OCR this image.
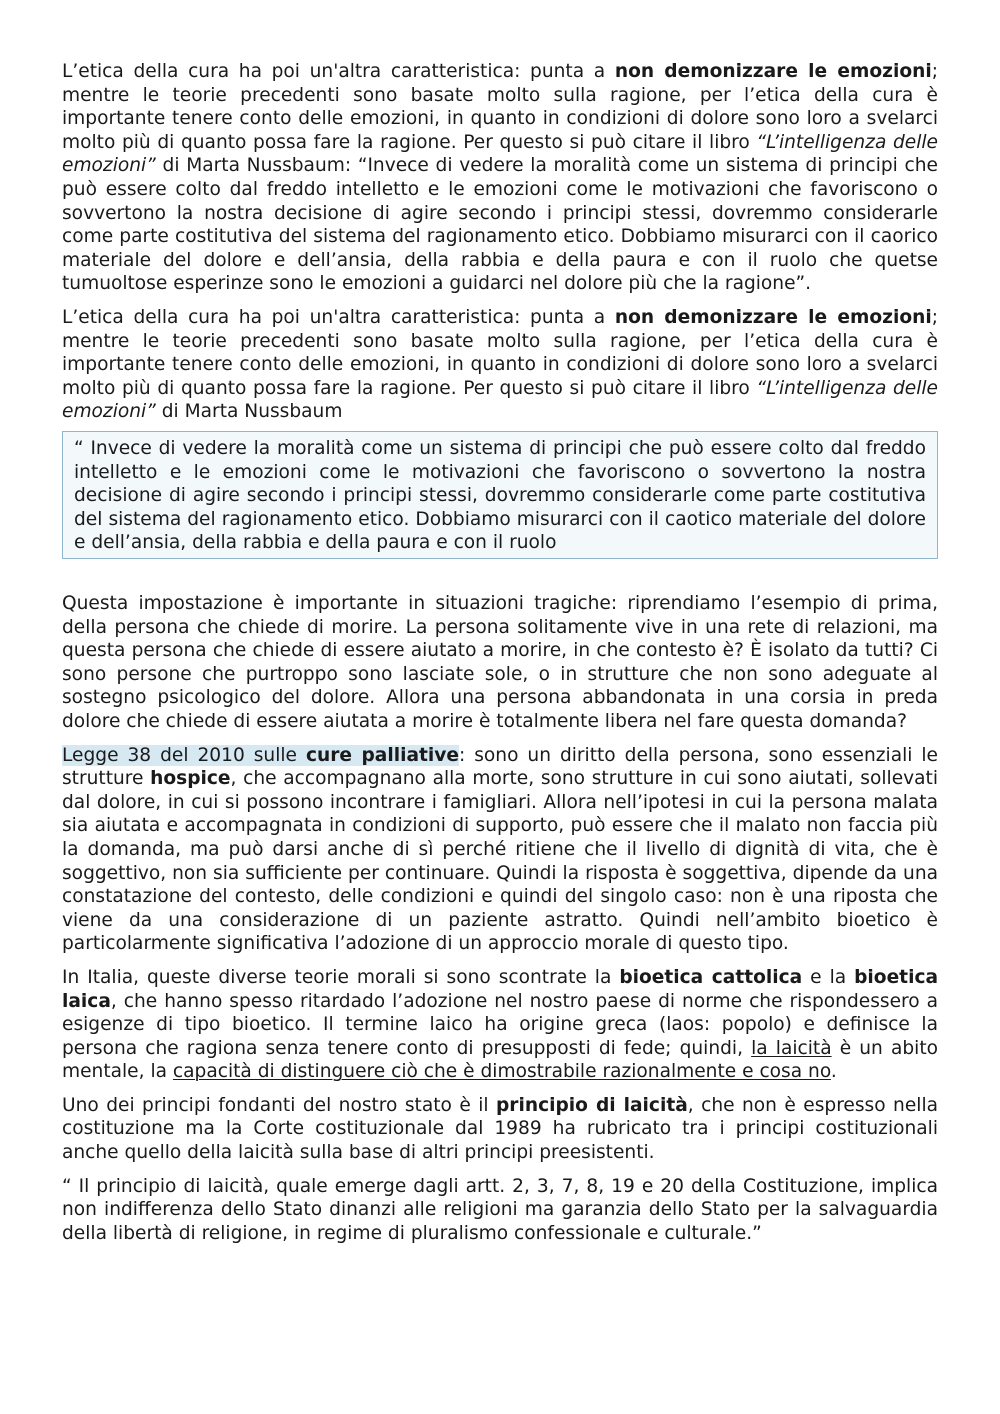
L’etica della cura ha poi un'altra caratteristica: punta a non demonizzare le emozioni; mentre le teorie precedenti sono basate molto sulla ragione, per l’etica della cura è importante tenere conto delle emozioni, in quanto in condizioni di dolore sono loro a svelarci molto più di quanto possa fare la ragione. Per questo si può citare il libro “L’intelligenza delle emozioni” di Marta Nussbaum: “Invece di vedere la moralità come un sistema di principi che può essere colto dal freddo intelletto e le emozioni come le motivazioni che favoriscono o sovvertono la nostra decisione di agire secondo i principi stessi, dovremmo considerarle come parte costitutiva del sistema del ragionamento etico. Dobbiamo misurarci con il caorico materiale del dolore e dell’ansia, della rabbia e della paura e con il ruolo che quetse tumuoltose esperinze sono le emozioni a guidarci nel dolore più che la ragione”.

L’etica della cura ha poi un'altra caratteristica: punta a non demonizzare le emozioni; mentre le teorie precedenti sono basate molto sulla ragione, per l’etica della cura è importante tenere conto delle emozioni, in quanto in condizioni di dolore sono loro a svelarci molto più di quanto possa fare la ragione. Per questo si può citare il libro “L’intelligenza delle emozioni” di Marta Nussbaum

“ Invece di vedere la moralità come un sistema di principi che può essere colto dal freddo intelletto e le emozioni come le motivazioni che favoriscono o sovvertono la nostra decisione di agire secondo i principi stessi, dovremmo considerarle come parte costitutiva del sistema del ragionamento etico. Dobbiamo misurarci con il caotico materiale del dolore e dell’ansia, della rabbia e della paura e con il ruolo

Questa impostazione è importante in situazioni tragiche: riprendiamo l’esempio di prima, della persona che chiede di morire. La persona solitamente vive in una rete di relazioni, ma questa persona che chiede di essere aiutato a morire, in che contesto è? È isolato da tutti? Ci sono persone che purtroppo sono lasciate sole, o in strutture che non sono adeguate al sostegno psicologico del dolore. Allora una persona abbandonata in una corsia in preda dolore che chiede di essere aiutata a morire è totalmente libera nel fare questa domanda?

Legge 38 del 2010 sulle cure palliative: sono un diritto della persona, sono essenziali le strutture hospice, che accompagnano alla morte, sono strutture in cui sono aiutati, sollevati dal dolore, in cui si possono incontrare i famigliari. Allora nell’ipotesi in cui la persona malata sia aiutata e accompagnata in condizioni di supporto, può essere che il malato non faccia più la domanda, ma può darsi anche di sì perché ritiene che il livello di dignità di vita, che è soggettivo, non sia sufficiente per continuare. Quindi la risposta è soggettiva, dipende da una constatazione del contesto, delle condizioni e quindi del singolo caso: non è una riposta che viene da una considerazione di un paziente astratto. Quindi nell’ambito bioetico è particolarmente significativa l’adozione di un approccio morale di questo tipo.

In Italia, queste diverse teorie morali si sono scontrate la bioetica cattolica e la bioetica laica, che hanno spesso ritardado l’adozione nel nostro paese di norme che rispondessero a esigenze di tipo bioetico. Il termine laico ha origine greca (laos: popolo) e definisce la persona che ragiona senza tenere conto di presupposti di fede; quindi, la laicità è un abito mentale, la capacità di distinguere ciò che è dimostrabile razionalmente e cosa no.

Uno dei principi fondanti del nostro stato è il principio di laicità, che non è espresso nella costituzione ma la Corte costituzionale dal 1989 ha rubricato tra i principi costituzionali anche quello della laicità sulla base di altri principi preesistenti.

“ Il principio di laicità, quale emerge dagli artt. 2, 3, 7, 8, 19 e 20 della Costituzione, implica non indifferenza dello Stato dinanzi alle religioni ma garanzia dello Stato per la salvaguardia della libertà di religione, in regime di pluralismo confessionale e culturale.”
